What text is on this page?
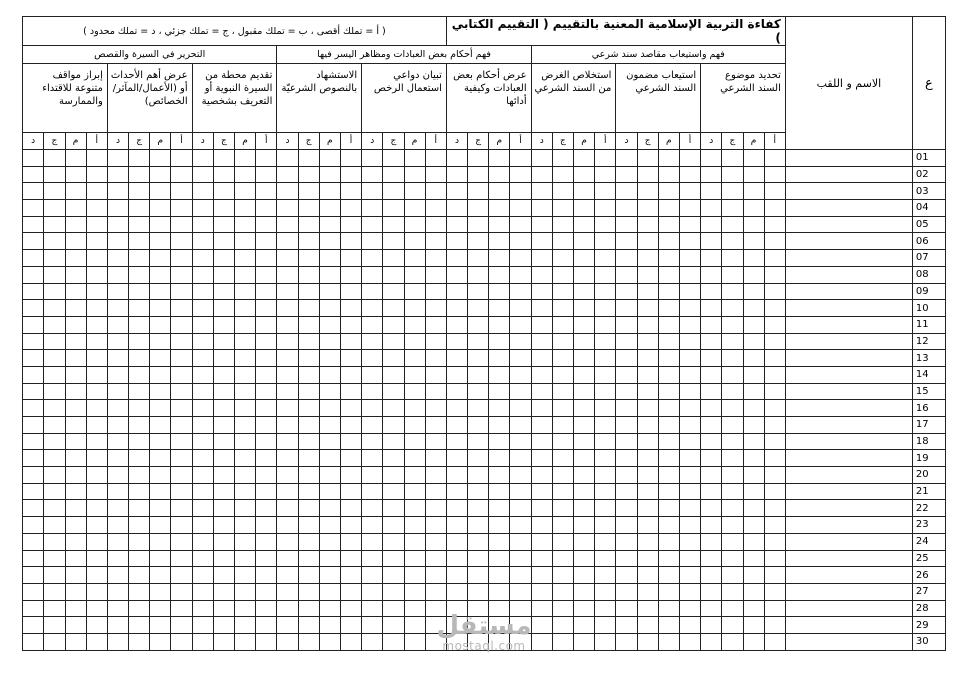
ع	الاسم و اللقب	كفاءة التربية الإسلامية المعنية بالتقييم ( التقييم الكتابي )																( أ = تملك أقصى ، ب = تملك مقبول ، ج = تملك جزئي ، د = تملك محدود )																			
		فهم واستيعاب مقاصد سند شرعي												فهم أحكام بعض العبادات ومظاهر اليسر فيها												التحرير في السيرة والقصص											
		تحديد موضوع السند الشرعي				استيعاب مضمون السند الشرعي				استخلاص الغرض من السند الشرعي				عرض أحكام بعض العبادات وكيفية أدائها				تبيان دواعي استعمال الرخص				الاستشهاد بالنصوص الشرعيّة				تقديم محطة من السيرة النبوية أو التعريف بشخصية				عرض أهم الأحداث أو (الأعمال/المآثر/الخصائص)				إبراز مواقف متنوعة للاقتداء والممارسة			
		أ	م	ج	د	أ	م	ج	د	أ	م	ج	د	أ	م	ج	د	أ	م	ج	د	أ	م	ج	د	أ	م	ج	د	أ	م	ج	د	أ	م	ج	د
01																																					
02																																					
03																																					
04																																					
05																																					
06																																					
07																																					
08																																					
09																																					
10																																					
11																																					
12																																					
13																																					
14																																					
15																																					
16																																					
17																																					
18																																					
19																																					
20																																					
21																																					
22																																					
23																																					
24																																					
25																																					
26																																					
27																																					
28																																					
29																																					
30																																					
مستقل
mostaql.com
